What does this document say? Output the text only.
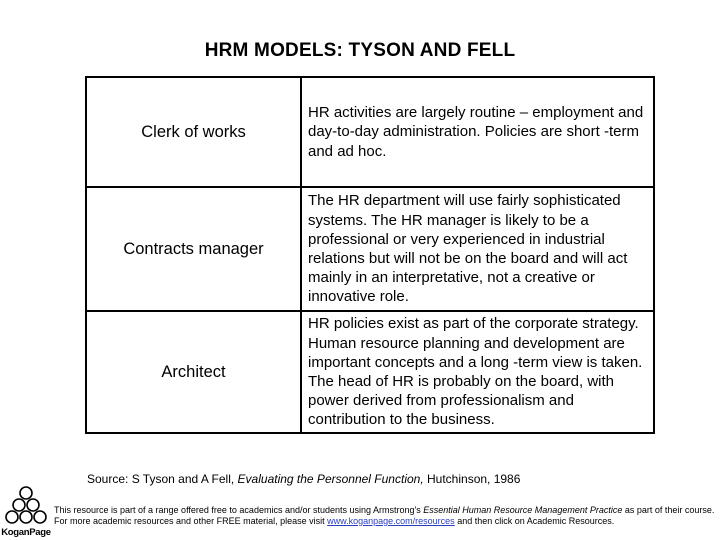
HRM MODELS: TYSON AND FELL
Clerk of works	HR activities are largely routine – employment and day-to-day administration. Policies are short -term and ad hoc.
Contracts manager	The HR department will use fairly sophisticated systems. The HR manager is likely to be a professional or very experienced in industrial relations but will not be on the board and will act mainly in an interpretative, not a creative or innovative role.
Architect	HR policies exist as part of the corporate strategy. Human resource planning and development are important concepts and a long -term view is taken. The head of HR is probably on the board, with power derived from professionalism and contribution to the business.
Source: S Tyson and A Fell, Evaluating the Personnel Function, Hutchinson, 1986
KoganPage
This resource is part of a range offered free to academics and/or students using Armstrong's Essential Human Resource Management Practice as part of their course.
For more academic resources and other FREE material, please visit www.koganpage.com/resources and then click on Academic Resources.
